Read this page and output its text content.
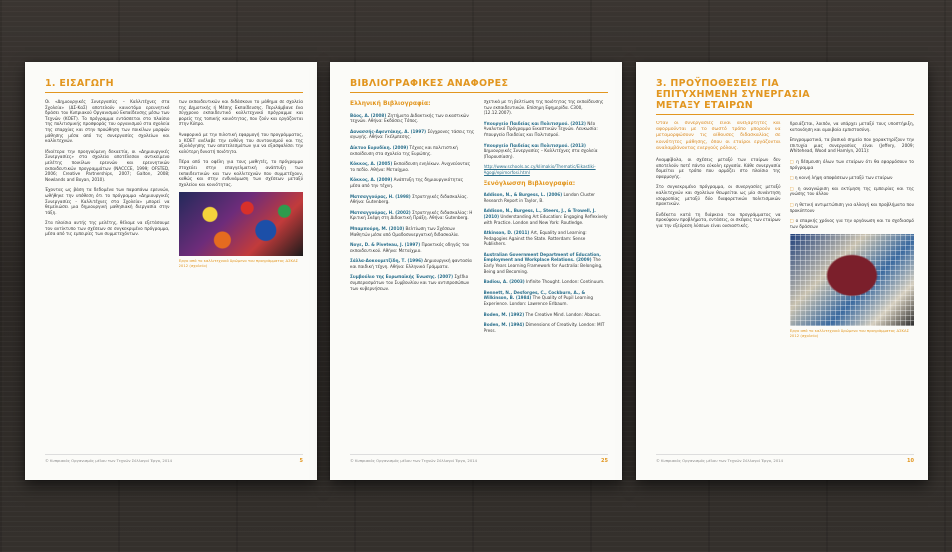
1. ΕΙΣΑΓΩΓΗ

Οι «Δημιουργικές Συνεργασίες – Καλλιτέχνες στα Σχολεία» (ΔΣ-ΚαΣ) αποτελούν καινοτόμο ερευνητικό δράσει του Κυπριακού Οργανισμού Εκπαίδευσης μέσω των Τεχνών (ΚΟΕΤ). Το πρόγραμμα εντάσσεται στο πλαίσιο της πολιτισμικής προσφοράς του οργανισμού στα σχολεία της επαρχίας και στην προώθηση των ποικίλων μορφών μάθησης μέσα από τις συνεργασίες σχολείων και καλλιτεχνών.

Ιδιαίτερα την προηγούμενη δεκαετία, οι «Δημιουργικές Συνεργασίες» στα σχολεία αποτέλεσαν αντικείμενο μελέτης ποικίλων ερευνών και ερευνητικών εκπαιδευτικών προγραμμάτων (NACCCE, 1999; OFSTED, 2006; Creative Partnerships, 2007; Galton, 2008; Newlands and Boyan, 2010).

Έχοντας ως βάση τα δεδομένα των παραπάνω ερευνών, ωθήθηκε την υπόθεση ότι το πρόγραμμα «Δημιουργικές Συνεργασίες - Καλλιτέχνες στα Σχολεία» μπορεί να θεμελιώσει μια δημιουργική μαθησιακή διεργασία στην τάξη.

Στα πλαίσια αυτής της μελέτης, θέλαμε να εξετάσουμε τον αντίκτυπο των σχέσεων σε συγκεκριμένο πρόγραμμα, μέσα από τις εμπειρίες των συμμετεχόντων.

των εκπαιδευτικών και διδάσκουν το μάθημα σε σχολεία της Δημοτικής ή Μέσης Εκπαίδευσης. Περιλάμβανε ένα σύγχρονο εκπαιδευτικό καλλιτεχνικό πρόγραμμα και φορείς της τοπικής κοινότητας, που ζούν και εργάζονται στην Κύπρο.

Αναφορικά με την πιλοτική εφαρμογή του προγράμματος, ο ΚΟΕΤ ανέλαβε την ευθύνη του συντονισμού και της αξιολόγησης των αποτελεσμάτων για να εξασφαλίσει την καλύτερη δυνατή ποιότητα.

Πέρα από τα οφέλη για τους μαθητές, το πρόγραμμα στοχεύει στην επαγγελματική ανάπτυξη των εκπαιδευτικών και των καλλιτεχνών που συμμετέχουν, καθώς και στην ενδυνάμωση των σχέσεων μεταξύ σχολείου και κοινότητας.

Έργο από το καλλιτεχνικό δρώμενο του προγράμματος ΔΣΚΑΣ 2012 (σχολείο)
© Κυπριακός Οργανισμός μέλου των Τεχνών Σύλλογοί Έργο, 2014	5
ΒΙΒΛΙΟΓΡΑΦΙΚΕΣ ΑΝΑΦΟΡΕΣ
Ελληνική Βιβλιογραφία:
Βάος, Α. (2008) Ζητήματα Διδακτικής των εικαστικών τεχνών. Αθήνα: Εκδόσεις Τόπος.
Δανασσής-Αφεντάκης, Α. (1997) Σύγχρονες τάσεις της αγωγής. Αθήνα: Γκέλμπεσης.
Δίκτυο Ευρυδίκη. (2009) Τέχνες και πολιτιστική εκπαίδευση στα σχολεία της Ευρώπης.
Κόκκος, Α. (2005) Εκπαίδευση ενηλίκων. Ανιχνεύοντας το πεδίο. Αθήνα: Μεταίχμιο.
Κόκκος, Α. (2009) Ανάπτυξη της δημιουργικότητας μέσα από την τέχνη.
Ματσαγγούρας, Η. (1998) Στρατηγικές διδασκαλίας. Αθήνα: Gutenberg.
Ματσαγγούρας, Η. (2002) Στρατηγικές διδασκαλίας: Η Κριτική Σκέψη στη Διδακτική Πράξη. Αθήνα: Gutenberg.
Μπαμπούρη, Μ. (2010) Βελτίωση των Σχέσεων Μαθητών μέσα από Ομαδοσυνεργατική διδασκαλία.
Νογε, D. & Piveteau, J. (1997) Πρακτικός οδηγός του εκπαιδευτικού. Αθήνα: Μεταίχμιο.
Σάλλα-Δοκουμετζίδη, Τ. (1996) Δημιουργική φαντασία και παιδική τέχνη. Αθήνα: Ελληνικά Γράμματα.
Συμβούλιο της Ευρωπαϊκής Ένωσης. (2007) Σχέδιο συμπερασμάτων του Συμβουλίου και των αντιπροσώπων των κυβερνήσεων.
σχετικά με τη βελτίωση της ποιότητας της εκπαίδευσης των εκπαιδευτικών. Επίσημη Εφημερίδα. C300, (12.12.2007).
Υπουργείο Παιδείας και Πολιτισμού. (2012) Νέο Αναλυτικό Πρόγραμμα Εικαστικών Τεχνών. Λευκωσία: Υπουργείο Παιδείας και Πολιτισμού.
Υπουργείο Παιδείας και Πολιτισμού. (2013) Δημιουργικές Συνεργασίες – Καλλιτέχνες στα σχολεία (Παρουσίαση).
http://www.schools.ac.cy/klimakio/Thematic/Eikastiki-Agogi/epimorfosi.html
Ξενόγλωσση Βιβλιογραφία:
Addison, N., & Burgess, L. (2006) London Cluster Research Report in Taylor, B.
Addison, N., Burgess, L., Steers, J., & Trowell, J. (2010) Understanding Art Education: Engaging Reflexively with Practice. London and New York: Routledge.
Atkinson, D. (2011) Art, Equality and Learning: Pedagogies Against the State. Rotterdam: Sense Publishers.
Australian Government Department of Education, Employment and Workplace Relations. (2009) The Early Years Learning Framework for Australia: Belonging, Being and Becoming.
Badiou, A. (2003) Infinite Thought. London: Continuum.
Bennett, N., Desforges, C., Cockburn, A., & Wilkinson, B. (1984) The Quality of Pupil Learning Experience. London: Lawrence Erlbaum.
Boden, M. (1992) The Creative Mind. London: Abacus.
Boden, M. (1994) Dimensions of Creativity. London: MIT Press.
© Κυπριακός Οργανισμός μέλου των Τεχνών Σύλλογοί Έργο, 2014	25
3. ΠΡΟΫΠΟΘΕΣΕΙΣ ΓΙΑ
ΕΠΙΤΥΧΗΜΕΝΗ ΣΥΝΕΡΓΑΣΙΑ
ΜΕΤΑΞΥ ΕΤΑΙΡΩΝ

Όταν οι συνεργασίες είναι ανεξάρτητες και αφορμούνται με το σωστό τρόπο μπορούν να μεταμορφώσουν τις αίθουσες διδασκαλίας σε κοινότητες μάθησης, όπου οι εταίροι εργάζονται αναλαμβάνοντας ενεργούς ρόλους.

Αναμφίβολα, οι σχέσεις μεταξύ των εταίρων δεν αποτελούν ποτέ πάντα εύκολη εργασία. Κάθε συνεργασία δομείται με τρόπο που αρμόζει στο πλαίσιο της εφαρμογής.

Στο συγκεκριμένο πρόγραμμα, οι συνεργασίες μεταξύ καλλιτεχνών και σχολείων θεωρείται ως μία συνάντηση ισορροπίας μεταξύ δύο διαφορετικών πολιτισμικών πρακτικών.

Ενδέκετα κατά τη διάρκεια του προγράμματος να προκύψουν προβλήματα, εντάσεις, οι σκέψεις των εταίρων για την εξεύρεση λύσεων είναι ουσιαστικές.

Χρειάζεται, λοιπόν, να υπάρχει μεταξύ τους υποστήριξη, κατανόηση και αμοιβαία εμπιστοσύνη.

Επιγραμματικά, τα βασικά σημεία που χαρακτηρίζουν την επιτυχία μιας συνεργασίας είναι (Jeffery, 2009; Whitehead, Wood and Hamlyn, 2011):

□ η δέσμευση όλων των εταίρων ότι θα εφαρμόσουν το πρόγραμμα

□ η κοινή λήψη αποφάσεων μεταξύ των εταίρων

□ η αναγνώριση και εκτίμηση της εμπειρίας και της γνώσης του άλλου

□ η θετική αντιμετώπιση για αλλαγή και προβλήματα που προκύπτουν

□ ο επαρκής χρόνος για την οργάνωση και το σχεδιασμό των δράσεων

Έργο από το καλλιτεχνικό δρώμενο του προγράμματος ΔΣΚΑΣ 2012 (σχολείο)
© Κυπριακός Οργανισμός μέλου των Τεχνών Σύλλογοί Έργο, 2014	10
